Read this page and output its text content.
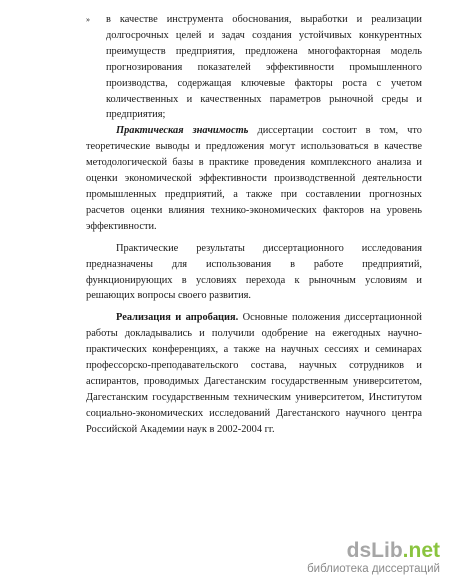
» в качестве инструмента обоснования, выработки и реализации долгосрочных целей и задач создания устойчивых конкурентных преимуществ предприятия, предложена многофакторная модель прогнозирования показателей эффективности промышленного производства, содержащая ключевые факторы роста с учетом количественных и качественных параметров рыночной среды и предприятия;

Практическая значимость диссертации состоит в том, что теоретические выводы и предложения могут использоваться в качестве методологической базы в практике проведения комплексного анализа и оценки экономической эффективности производственной деятельности промышленных предприятий, а также при составлении прогнозных расчетов оценки влияния технико-экономических факторов на уровень эффективности.

Практические результаты диссертационного исследования предназначены для использования в работе предприятий, функционирующих в условиях перехода к рыночным условиям и решающих вопросы своего развития.

Реализация и апробация. Основные положения диссертационной работы докладывались и получили одобрение на ежегодных научно-практических конференциях, а также на научных сессиях и семинарах профессорско-преподавательского состава, научных сотрудников и аспирантов, проводимых Дагестанским государственным университетом, Дагестанским государственным техническим университетом, Институтом социально-экономических исследований Дагестанского научного центра Российской Академии наук в 2002-2004 гг.

dsLib.net
библиотека диссертаций
